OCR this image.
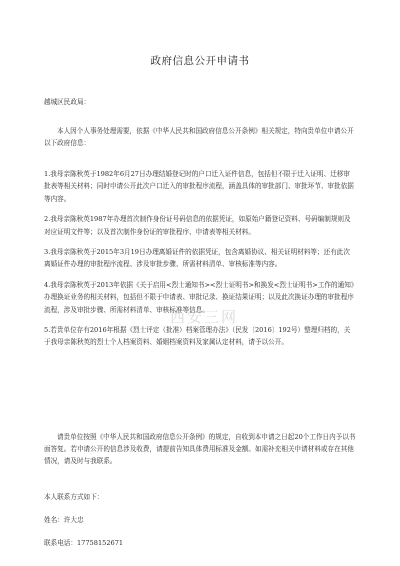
政府信息公开申请书
越城区民政局：
本人因个人事务处理需要，依据《中华人民共和国政府信息公开条例》相关规定，特向贵单位申请公开以下政府信息：

1.我母亲陈秋英于1982年6月27日办理结婚登记时的户口迁入证件信息，包括但不限于迁入证明、迁移审批表等相关材料；同时申请公开此次户口迁入的审批程序流程，涵盖具体的审批部门、审批环节、审批依据等内容。

2.我母亲陈秋英1987年办理首次制作身份证号码信息的依据凭证，如原始户籍登记资料、号码编制规则及对应证明文件等；以及首次制作身份证的审批程序、申请表等相关材料。

3.我母亲陈秋英于2015年3月19日办理离婚证件的依据凭证，包含离婚协议、相关证明材料等；还有此次离婚证件办理的审批程序流程、涉及审批步骤、所需材料清单、审核标准等内容。

4.我母亲陈秋英于2013年依据《关于启用<烈士通知书><烈士证明书>和换发<烈士证明书>工作的通知》办理换证业务的相关材料，包括但不限于申请表、审批记录、换证结果证明；以及此次换证办理的审批程序流程，涉及审批步骤、所需材料清单、审核标准等信息。

5.若贵单位存有2016年根据《烈士评定（批准）档案管理办法》（民发〔2016〕192号）整理归档的，关于我母亲陈秋英的烈士个人档案资料、婚姻档案资料及家属认定材料，请予以公开。

请贵单位按照《中华人民共和国政府信息公开条例》的规定，自收到本申请之日起20个工作日内予以书面答复。若申请公开的信息涉及收费，请提前告知具体费用标准及金额。如需补充相关申请材料或存在其他情况，请及时与我联系。
本人联系方式如下：
姓名：许大忠
联系电话：17758152671
西安三网
